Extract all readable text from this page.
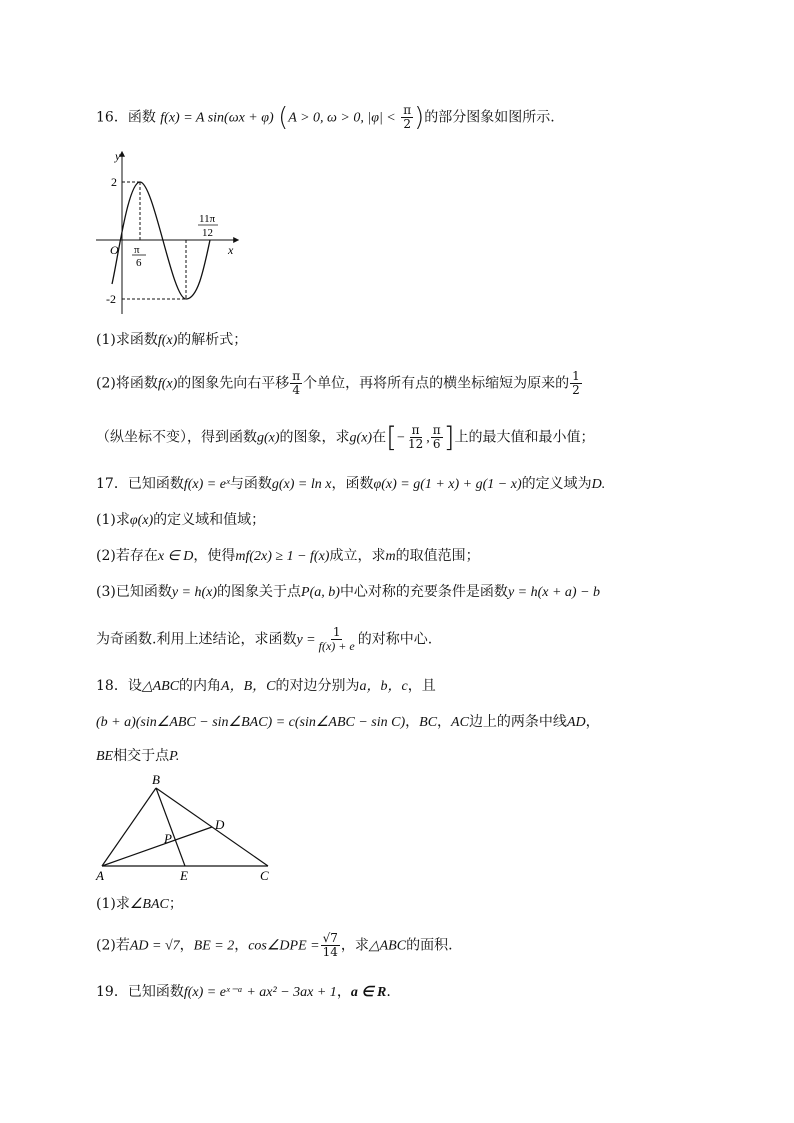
16．函数 f(x) = A sin(ωx + φ) (A > 0, ω > 0, $|\varphi| < \frac{\pi}{2}$ )的部分图象如图所示.
y
x
O
2
-2
π
6
11π
12
(1)求函数f(x)的解析式；
(2)将函数f(x)的图象先向右平移 $\frac{\pi}{4}$ 个单位，再将所有点的横坐标缩短为原来的 $\frac{1}{2}$
（纵坐标不变），得到函数g(x)的图象，求g(x)在[− $\frac{\pi}{12}$ , $\frac{\pi}{6}$ ]上的最大值和最小值；
17．已知函数f(x) = eˣ与函数g(x) = ln x，函数φ(x) = g(1 + x) + g(1 − x)的定义域为D.
(1)求φ(x)的定义域和值域；
(2)若存在x ∈ D，使得mf(2x) ≥ 1 − f(x)成立，求m的取值范围；
(3)已知函数y = h(x)的图象关于点P(a, b)中心对称的充要条件是函数y = h(x + a) − b
为奇函数.利用上述结论，求函数$y = \frac{1}{f(x) + e}$ 的对称中心.
18．设△ABC的内角A，B，C的对边分别为a，b，c，且
(b + a)(sin∠ABC − sin∠BAC) = c(sin∠ABC − sin C)，BC，AC边上的两条中线AD，
BE相交于点P.
B
D
P
A	E	C
(1)求∠BAC；
(2)若AD = √7，BE = 2，cos∠DPE = $\frac{√7}{14}$ ，求△ABC的面积.
19．已知函数f(x) = eˣ⁻ᵃ + ax² − 3ax + 1，a ∈ R.
